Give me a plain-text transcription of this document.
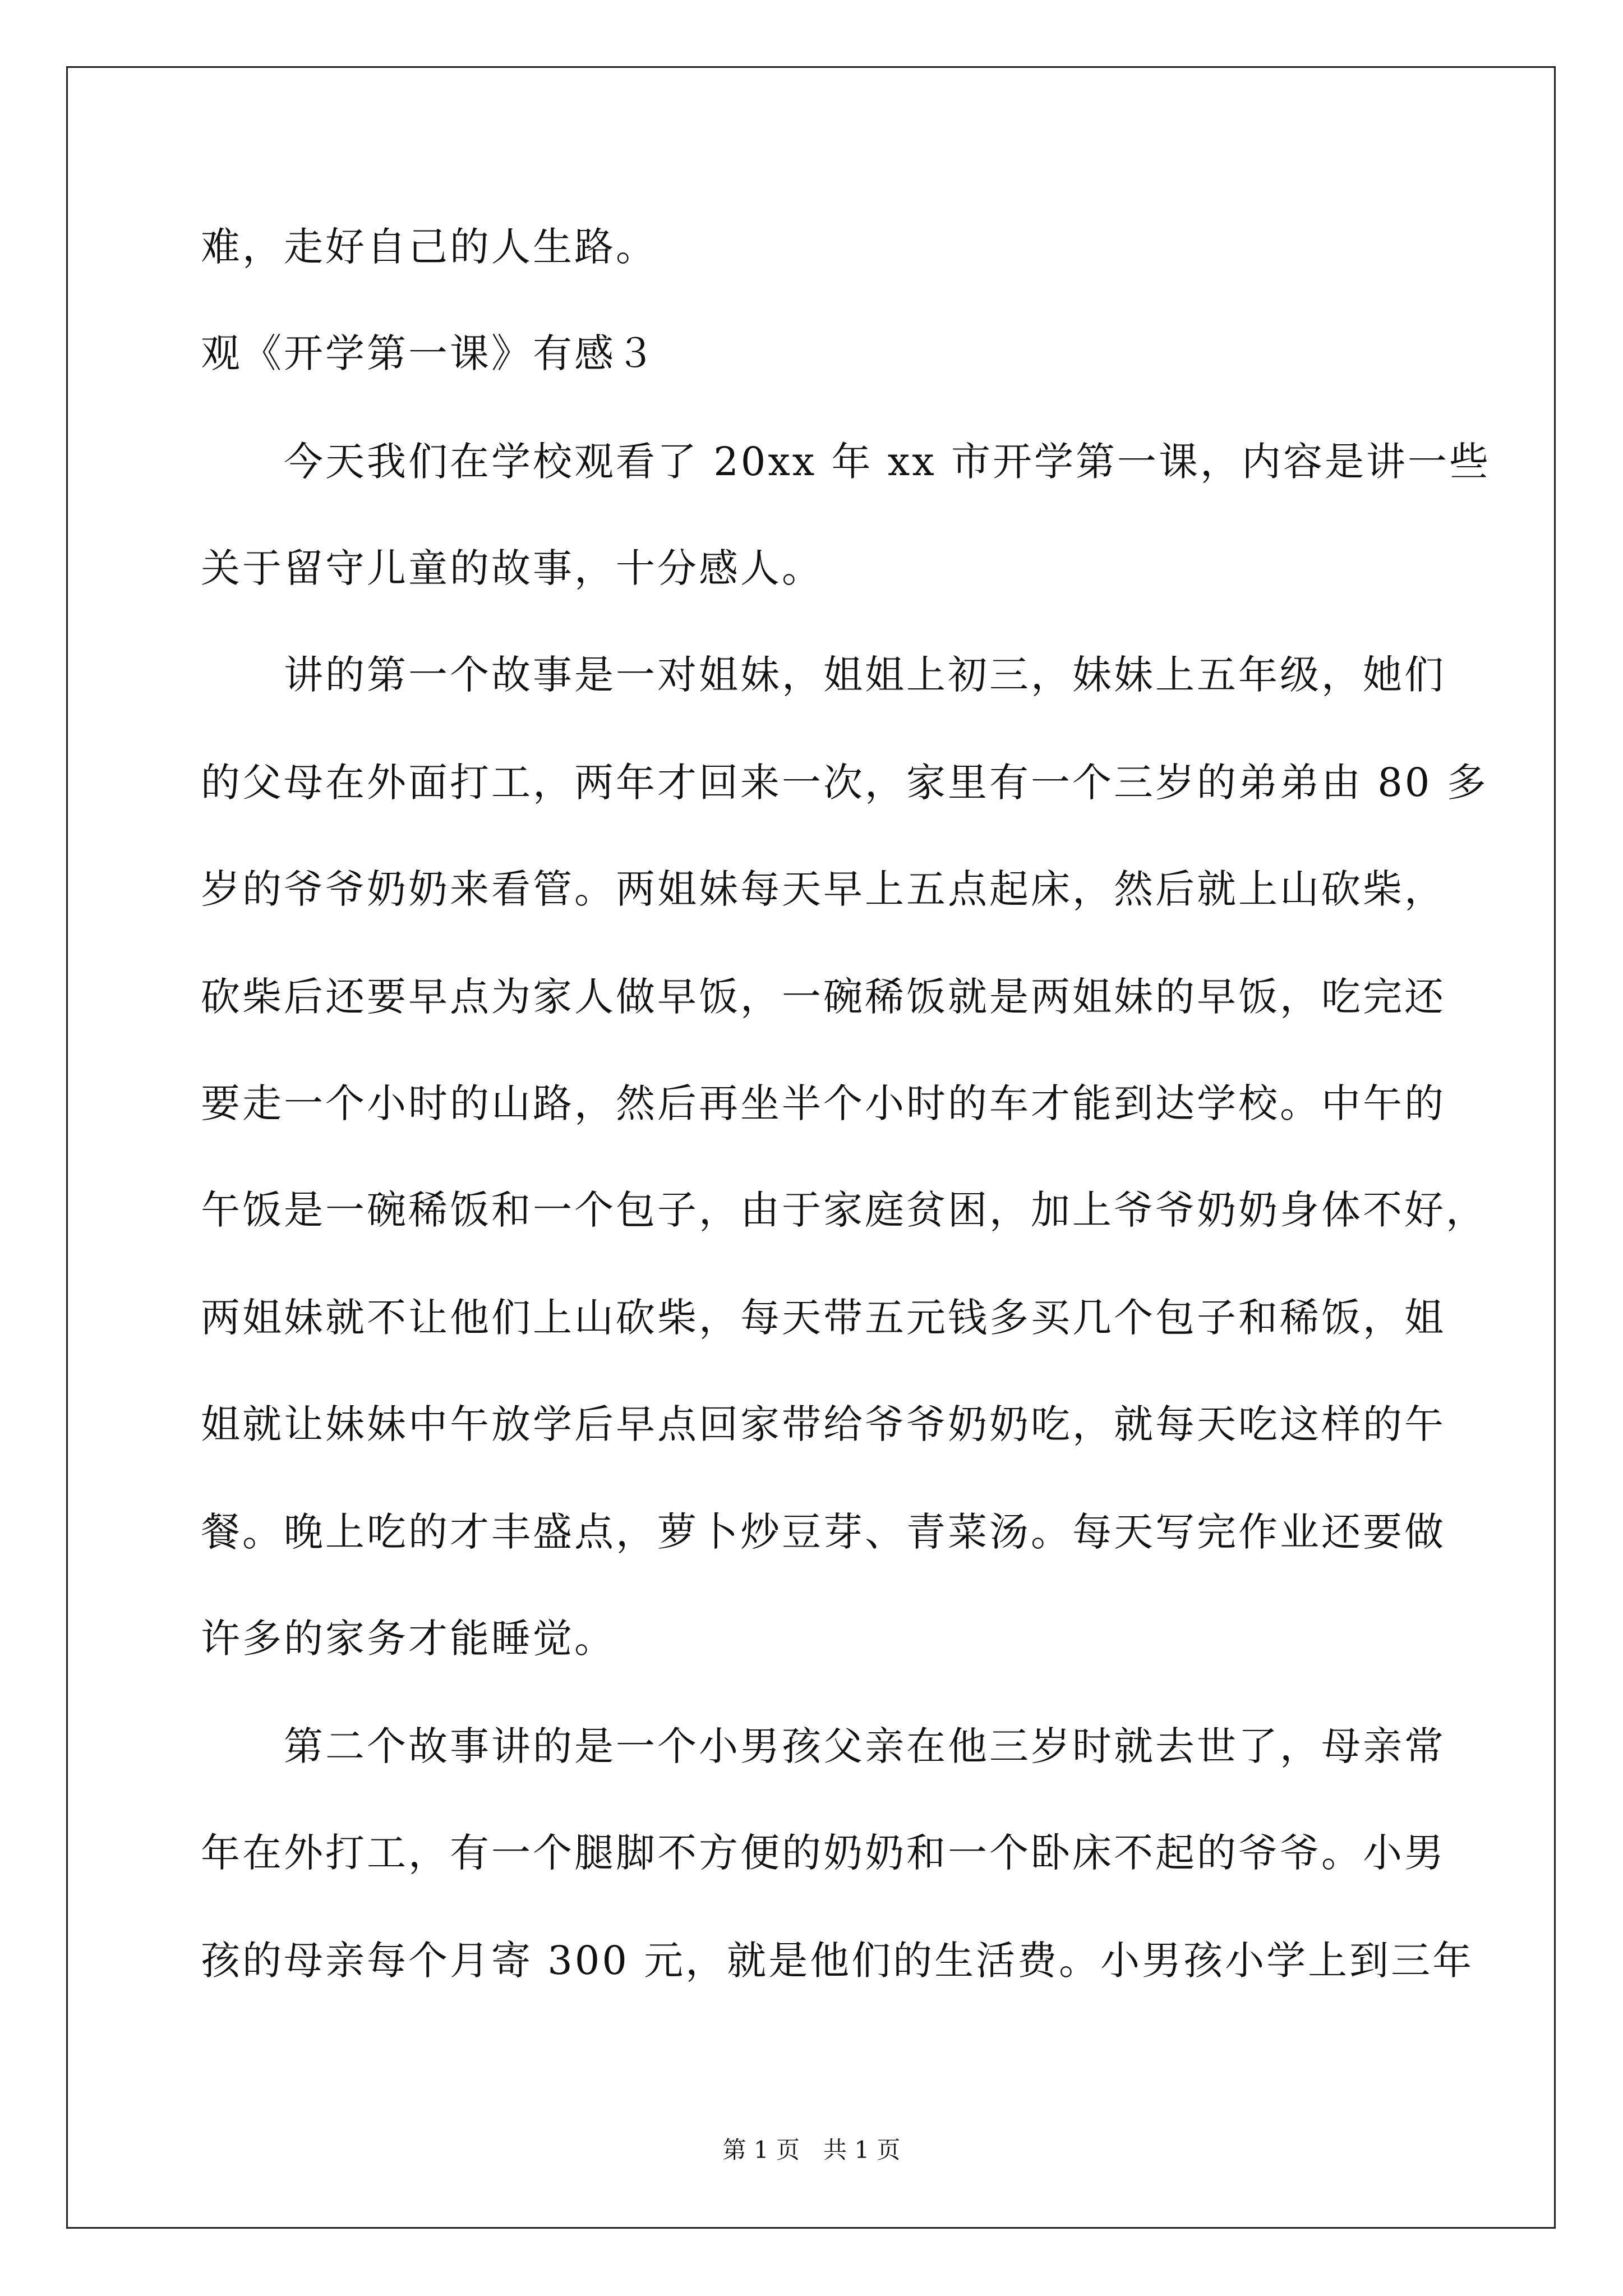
难，走好自己的人生路。
观《开学第一课》有感３
　　今天我们在学校观看了 20xx 年 xx 市开学第一课，内容是讲一些
关于留守儿童的故事，十分感人。
　　讲的第一个故事是一对姐妹，姐姐上初三，妹妹上五年级，她们
的父母在外面打工，两年才回来一次，家里有一个三岁的弟弟由 80 多
岁的爷爷奶奶来看管。两姐妹每天早上五点起床，然后就上山砍柴，
砍柴后还要早点为家人做早饭，一碗稀饭就是两姐妹的早饭，吃完还
要走一个小时的山路，然后再坐半个小时的车才能到达学校。中午的
午饭是一碗稀饭和一个包子，由于家庭贫困，加上爷爷奶奶身体不好，
两姐妹就不让他们上山砍柴，每天带五元钱多买几个包子和稀饭，姐
姐就让妹妹中午放学后早点回家带给爷爷奶奶吃，就每天吃这样的午
餐。晚上吃的才丰盛点，萝卜炒豆芽、青菜汤。每天写完作业还要做
许多的家务才能睡觉。
　　第二个故事讲的是一个小男孩父亲在他三岁时就去世了，母亲常
年在外打工，有一个腿脚不方便的奶奶和一个卧床不起的爷爷。小男
孩的母亲每个月寄 300 元，就是他们的生活费。小男孩小学上到三年
第 1 页　共 1 页
